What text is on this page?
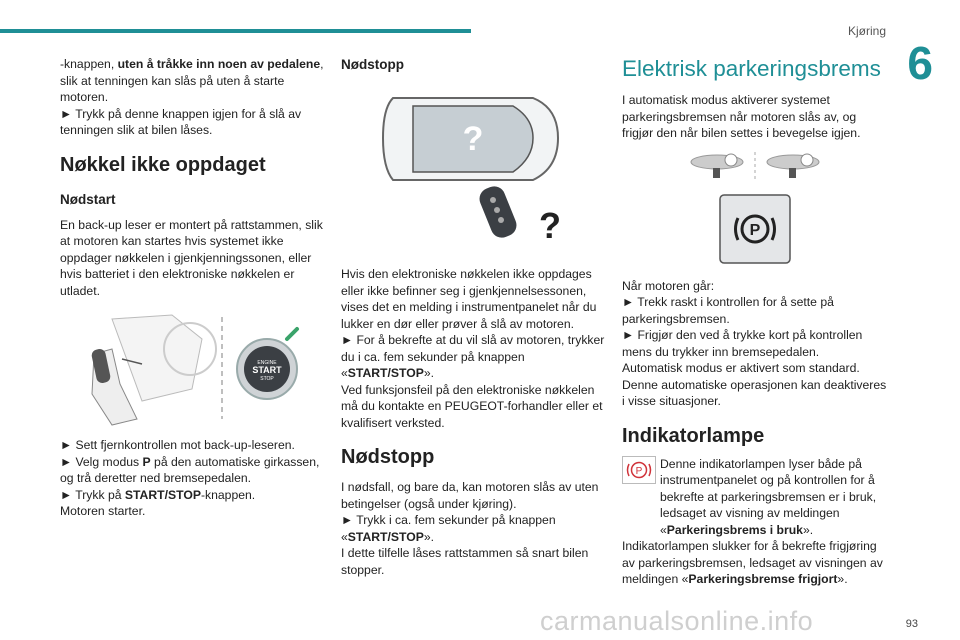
Kjøring
6

-knappen, uten å tråkke inn noen av pedalene, slik at tenningen kan slås på uten å starte motoren.

► Trykk på denne knappen igjen for å slå av tenningen slik at bilen låses.

Nøkkel ikke oppdaget
Nødstart

En back-up leser er montert på rattstammen, slik at motoren kan startes hvis systemet ikke oppdager nøkkelen i gjenkjenningssonen, eller hvis batteriet i den elektroniske nøkkelen er utladet.

ENGINE
START
STOP

► Sett fjernkontrollen mot back-up-leseren.

► Velg modus P på den automatiske girkassen, og trå deretter ned bremsepedalen.

► Trykk på START/STOP-knappen.

Motoren starter.

Nødstopp
?
?

Hvis den elektroniske nøkkelen ikke oppdages eller ikke befinner seg i gjenkjennelsessonen, vises det en melding i instrumentpanelet når du lukker en dør eller prøver å slå av motoren.

► For å bekrefte at du vil slå av motoren, trykker du i ca. fem sekunder på knappen «START/STOP».

Ved funksjonsfeil på den elektroniske nøkkelen må du kontakte en PEUGEOT-forhandler eller et kvalifisert verksted.

Nødstopp

I nødsfall, og bare da, kan motoren slås av uten betingelser (også under kjøring).

► Trykk i ca. fem sekunder på knappen «START/STOP».

I dette tilfelle låses rattstammen så snart bilen stopper.

Elektrisk parkeringsbrems

I automatisk modus aktiverer systemet parkeringsbremsen når motoren slås av, og frigjør den når bilen settes i bevegelse igjen.

P

Når motoren går:

► Trekk raskt i kontrollen for å sette på parkeringsbremsen.

► Frigjør den ved å trykke kort på kontrollen mens du trykker inn bremsepedalen.

Automatisk modus er aktivert som standard.

Denne automatiske operasjonen kan deaktiveres i visse situasjoner.

Indikatorlampe
P

Denne indikatorlampen lyser både på instrumentpanelet og på kontrollen for å bekrefte at parkeringsbremsen er i bruk, ledsaget av visning av meldingen «Parkeringsbrems i bruk».

Indikatorlampen slukker for å bekrefte frigjøring av parkeringsbremsen, ledsaget av visningen av meldingen «Parkeringsbremse frigjort».

carmanualsonline.info	93
